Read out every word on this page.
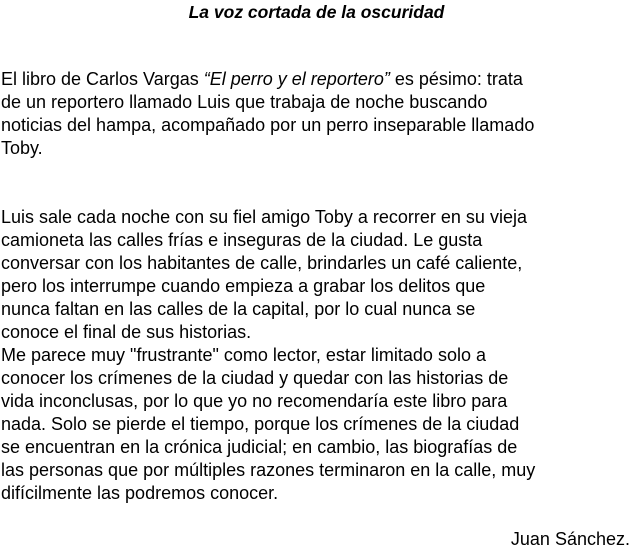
La voz cortada de la oscuridad

El libro de Carlos Vargas “El perro y el reportero” es pésimo: trata
de un reportero llamado Luis que trabaja de noche buscando
noticias del hampa, acompañado por un perro inseparable llamado
Toby.

Luis sale cada noche con su fiel amigo Toby a recorrer en su vieja
camioneta las calles frías e inseguras de la ciudad. Le gusta
conversar con los habitantes de calle, brindarles un café caliente,
pero los interrumpe cuando empieza a grabar los delitos que
nunca faltan en las calles de la capital, por lo cual nunca se
conoce el final de sus historias.

Me parece muy "frustrante" como lector, estar limitado solo a
conocer los crímenes de la ciudad y quedar con las historias de
vida inconclusas, por lo que yo no recomendaría este libro para
nada. Solo se pierde el tiempo, porque los crímenes de la ciudad
se encuentran en la crónica judicial; en cambio, las biografías de
las personas que por múltiples razones terminaron en la calle, muy
difícilmente las podremos conocer.

Juan Sánchez.
